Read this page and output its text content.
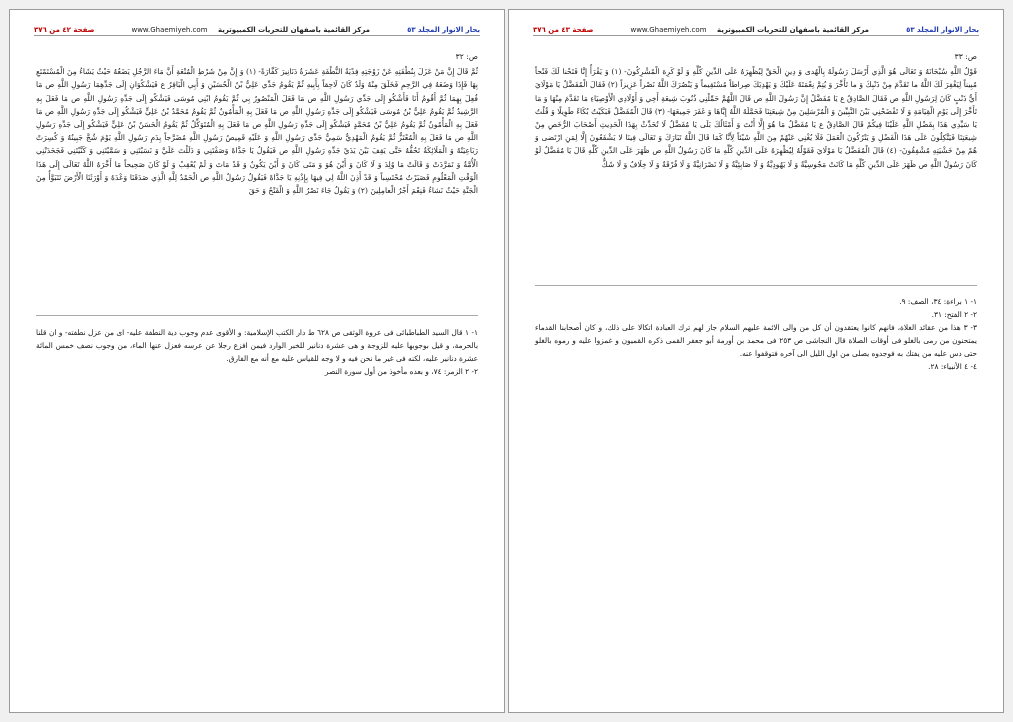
صفحة ٤٢ من ٣٧٦	www.Ghaemiyeh.com مركز القائمية باصفهان للتحريات الكمبيوترية	بحار الانوار المجلد ٥٣
ص: ٣٢
ثُمَّ قَالَ إِنَّ مَنْ عَزَلَ بِنُطْفَتِهِ عَنْ زَوْجَتِهِ فِدْيَةُ النُّطْفَةِ عَشَرَةُ دَنَانِيرَ كَفَّارَةً- (١) وَ إِنَّ مِنْ شَرْطِ الْمُتْعَةِ أَنَّ مَاءَ الرَّجُلِ يَضَعُهُ حَيْثُ يَشَاءُ مِنَ الْمُسْتَمْتَعِ بِهَا فَإِذَا وَضَعَهُ فِي الرَّحِمِ فَخَلَقَ مِنْهُ وَلَدٌ كَانَ لَاحِقاً بِأَبِيهِ ثُمَّ يَقُومُ جَدِّي عَلِيُّ بْنُ الْحُسَيْنِ وَ أَبِي الْبَاقِرُ ع فَيَشْكُوَانِ إِلَى جَدِّهِمَا رَسُولِ اللَّهِ ص مَا فُعِلَ بِهِمَا ثُمَّ أَقُومُ أَنَا فَأَشْكُو إِلَى جَدِّي رَسُولِ اللَّهِ ص مَا فَعَلَ الْمَنْصُورُ بِي ثُمَّ يَقُومُ ابْنِي مُوسَى فَيَشْكُو إِلَى جَدِّهِ رَسُولِ اللَّهِ ص مَا فَعَلَ بِهِ الرَّشِيدُ ثُمَّ يَقُومُ عَلِيُّ بْنُ مُوسَى فَيَشْكُو إِلَى جَدِّهِ رَسُولِ اللَّهِ ص مَا فَعَلَ بِهِ الْمَأْمُونُ ثُمَّ يَقُومُ مُحَمَّدُ بْنُ عَلِيٍّ فَيَشْكُو إِلَى جَدِّهِ رَسُولِ اللَّهِ ص مَا فَعَلَ بِهِ الْمَأْمُونُ ثُمَّ يَقُومُ عَلِيُّ بْنُ مُحَمَّدٍ فَيَشْكُو إِلَى جَدِّهِ رَسُولِ اللَّهِ ص مَا فَعَلَ بِهِ الْمُتَوَكِّلُ ثُمَّ يَقُومُ الْحَسَنُ بْنُ عَلِيٍّ فَيَشْكُو إِلَى جَدِّهِ رَسُولِ اللَّهِ ص مَا فَعَلَ بِهِ الْمُعْتَزُّ ثُمَّ يَقُومُ الْمَهْدِيُّ سَمِيُّ جَدِّي رَسُولِ اللَّهِ وَ عَلَيْهِ قَمِيصُ رَسُولِ اللَّهِ مُضَرَّجاً بِدَمِ رَسُولِ اللَّهِ يَوْمَ شُجَّ جَبِينُهُ وَ كُسِرَتْ رَبَاعِيَتُهُ وَ الْمَلَائِكَةُ تَحُفُّهُ حَتَّى يَقِفَ بَيْنَ يَدَيْ جَدِّهِ رَسُولِ اللَّهِ ص فَيَقُولُ يَا جَدَّاهْ وَصَفْتَنِي وَ دَلَلْتَ عَلَيَّ وَ نَسَبْتَنِي وَ سَمَّيْتَنِي وَ كَنَّيْتَنِي فَجَحَدَتْنِي الْأُمَّةُ وَ تَمَرَّدَتْ وَ قَالَتْ مَا وُلِدَ وَ لَا كَانَ وَ أَيْنَ هُوَ وَ مَتَى كَانَ وَ أَيْنَ يَكُونُ وَ قَدْ مَاتَ وَ لَمْ يُعْقِبْ وَ لَوْ كَانَ صَحِيحاً مَا أَخَّرَهُ اللَّهُ تَعَالَى إِلَى هَذَا الْوَقْتِ الْمَعْلُومِ فَصَبَرْتُ مُحْتَسِباً وَ قَدْ أَذِنَ اللَّهُ لِي فِيهَا بِإِذْنِهِ يَا جَدَّاهْ فَيَقُولُ رَسُولُ اللَّهِ ص الْحَمْدُ لِلَّهِ الَّذِي صَدَقَنَا وَعْدَهُ وَ أَوْرَثَنَا الْأَرْضَ نَتَبَوَّأُ مِنَ الْجَنَّةِ حَيْثُ نَشاءُ فَنِعْمَ أَجْرُ الْعامِلِينَ (٢) وَ يَقُولُ جَاءَ نَصْرُ اللَّهِ وَ الْفَتْحُ وَ حَقَ
١- ١ قال السيد الطباطبائى فى عروة الوثقى ص ٦٢٨ ط دار الكتب الإسلامية: و الأقوى عدم وجوب دية النطفة عليه- اى من عزل نطفته- و ان قلنا بالحرمة، و قيل بوجوبها عليه للزوجة و هى عشرة دنانير للخبر الوارد فيمن افزع رجلا عن عرسه فعزل عنها الماء، من وجوب نصف خمس المائة عشرة دنانير عليه، لكنه فى غير ما نحن فيه و لا وجه للقياس عليه مع أنه مع الفارق.
٢- ٢ الزمر: ٧٤، و بعده مأخوذ من أول سورة النصر
صفحة ٤٣ من ٣٧٦	www.Ghaemiyeh.com مركز القائمية باصفهان للتحريات الكمبيوترية	بحار الانوار المجلد ٥٣
ص: ٣٣
قَوْلُ اللَّهِ سُبْحَانَهُ وَ تَعَالَى هُوَ الَّذِي أَرْسَلَ رَسُولَهُ بِالْهُدى وَ دِينِ الْحَقِّ لِيُظْهِرَهُ عَلَى الدِّينِ كُلِّهِ وَ لَوْ كَرِهَ الْمُشْرِكُونَ- (١) وَ يَقْرَأُ إِنَّا فَتَحْنا لَكَ فَتْحاً مُبِيناً لِيَغْفِرَ لَكَ اللَّهُ ما تَقَدَّمَ مِنْ ذَنْبِكَ وَ ما تَأَخَّرَ وَ يُتِمَّ نِعْمَتَهُ عَلَيْكَ وَ يَهْدِيَكَ صِراطاً مُسْتَقِيماً وَ يَنْصُرَكَ اللَّهُ نَصْراً عَزِيزاً (٢) فَقَالَ الْمُفَضَّلُ يَا مَوْلَايَ أَيُّ ذَنْبٍ كَانَ لِرَسُولِ اللَّهِ ص فَقَالَ الصَّادِقُ ع يَا مُفَضَّلُ إِنَّ رَسُولَ اللَّهِ ص قَالَ اللَّهُمَّ حَمِّلْنِي ذُنُوبَ شِيعَةِ أَخِي وَ أَوْلَادِي الْأَوْصِيَاءِ مَا تَقَدَّمَ مِنْهَا وَ مَا تَأَخَّرَ إِلَى يَوْمِ الْقِيَامَةِ وَ لَا تَفْضَحْنِي بَيْنَ النَّبِيِّينَ وَ الْمُرْسَلِينَ مِنْ شِيعَتِنَا فَحَمَّلَهُ اللَّهُ إِيَّاهَا وَ غَفَرَ جَمِيعَهَا- (٣) قَالَ الْمُفَضَّلُ فَبَكَيْتُ بُكَاءً طَوِيلًا وَ قُلْتُ يَا سَيِّدِي هَذَا بِفَضْلِ اللَّهِ عَلَيْنَا فِيكُمْ قَالَ الصَّادِقُ ع يَا مُفَضَّلُ مَا هُوَ إِلَّا أَنْتَ وَ أَمْثَالُكَ بَلَى يَا مُفَضَّلُ لَا تُحَدِّثْ بِهَذَا الْحَدِيثِ أَصْحَابَ الرُّخَصِ مِنْ شِيعَتِنَا فَيَتَّكِلُونَ عَلَى هَذَا الْفَضْلِ وَ يَتْرُكُونَ الْعَمَلَ فَلَا يُغْنِي عَنْهُمْ مِنَ اللَّهِ شَيْئاً لِأَنَّا كَمَا قَالَ اللَّهُ تَبَارَكَ وَ تَعَالَى فِينَا لا يَشْفَعُونَ إِلَّا لِمَنِ ارْتَضى وَ هُمْ مِنْ خَشْيَتِهِ مُشْفِقُونَ- (٤) قَالَ الْمُفَضَّلُ يَا مَوْلَايَ فَقَوْلُهُ لِيُظْهِرَهُ عَلَى الدِّينِ كُلِّهِ مَا كَانَ رَسُولُ اللَّهِ ص ظَهَرَ عَلَى الدِّينِ كُلِّهِ قَالَ يَا مُفَضَّلُ لَوْ كَانَ رَسُولُ اللَّهِ ص ظَهَرَ عَلَى الدِّينِ كُلِّهِ مَا كَانَتْ مَجُوسِيَّةٌ وَ لَا يَهُودِيَّةٌ وَ لَا صَابِئِيَّةٌ وَ لَا نَصْرَانِيَّةٌ وَ لَا فُرْقَةٌ وَ لَا خِلَافٌ وَ لَا شَكٌّ
١- ١ براءة: ٣٤، الصف: ٩.
٢- ٢ الفتح: ٣١.
٣- ٣ هذا من عقائد الغلاة، فانهم كانوا يعتقدون أن كل من والى الائمة عليهم السلام جاز لهم ترك العبادة اتكالا على ذلك، و كان أصحابنا القدماء يمتحنون من رمى بالغلو فى أوقات الصلاة قال النجاشى ص ٢٥٣ فى محمد بن أورمة أبو جعفر القمى ذكره القميون و غمزوا عليه و رموه بالغلو حتى دس عليه من يفتك به فوجدوه يصلى من اول الليل الى آخره فتوقفوا عنه.
٤- ٤ الأنبياء: ٢٨.
